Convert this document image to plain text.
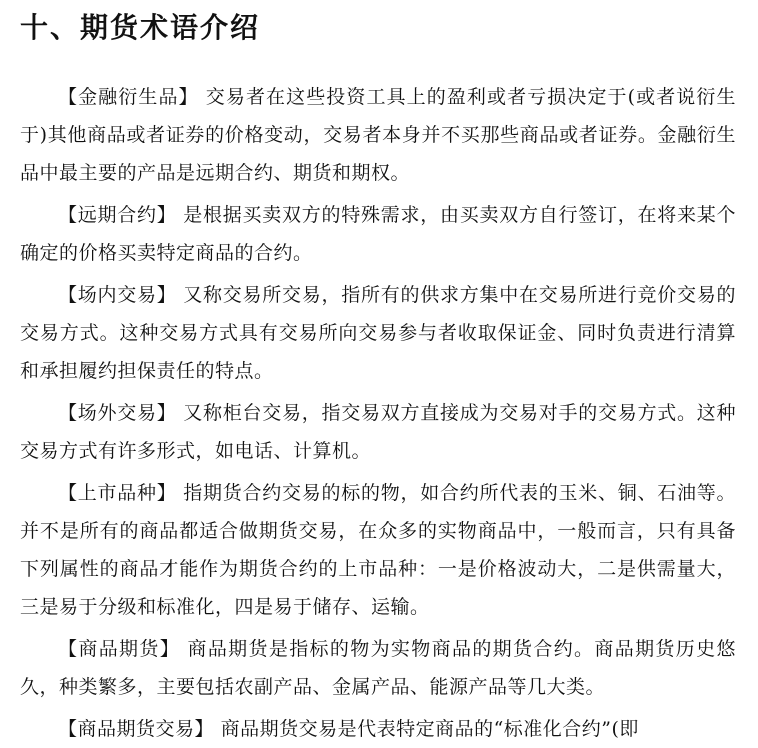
十、期货术语介绍

【金融衍生品】 交易者在这些投资工具上的盈利或者亏损决定于(或者说衍生于)其他商品或者证券的价格变动，交易者本身并不买那些商品或者证券。金融衍生品中最主要的产品是远期合约、期货和期权。

【远期合约】 是根据买卖双方的特殊需求，由买卖双方自行签订，在将来某个确定的价格买卖特定商品的合约。

【场内交易】 又称交易所交易，指所有的供求方集中在交易所进行竞价交易的交易方式。这种交易方式具有交易所向交易参与者收取保证金、同时负责进行清算和承担履约担保责任的特点。

【场外交易】 又称柜台交易，指交易双方直接成为交易对手的交易方式。这种交易方式有许多形式，如电话、计算机。

【上市品种】 指期货合约交易的标的物，如合约所代表的玉米、铜、石油等。并不是所有的商品都适合做期货交易，在众多的实物商品中，一般而言，只有具备下列属性的商品才能作为期货合约的上市品种：一是价格波动大，二是供需量大，三是易于分级和标准化，四是易于储存、运输。

【商品期货】 商品期货是指标的物为实物商品的期货合约。商品期货历史悠久，种类繁多，主要包括农副产品、金属产品、能源产品等几大类。

【商品期货交易】 商品期货交易是代表特定商品的“标准化合约”(即
